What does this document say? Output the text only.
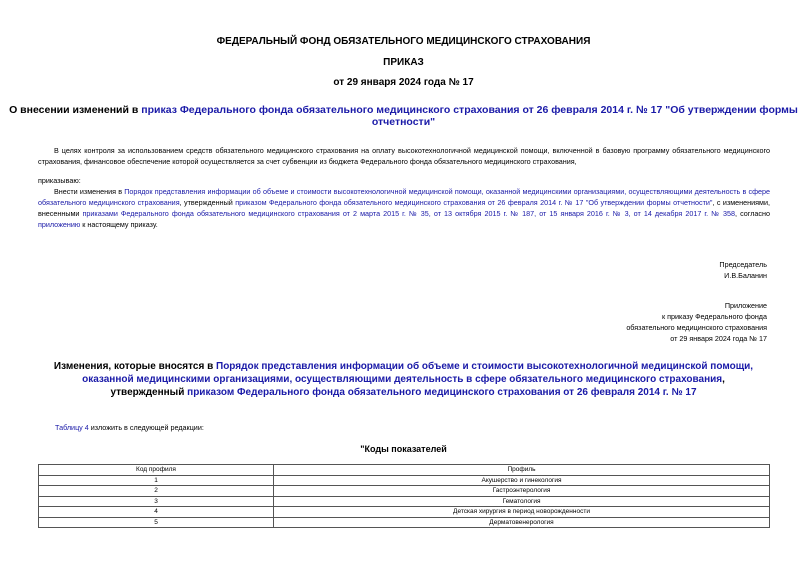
ФЕДЕРАЛЬНЫЙ ФОНД ОБЯЗАТЕЛЬНОГО МЕДИЦИНСКОГО СТРАХОВАНИЯ
ПРИКАЗ
от 29 января 2024 года № 17
О внесении изменений в приказ Федерального фонда обязательного медицинского страхования от 26 февраля 2014 г. № 17 "Об утверждении формы отчетности"
В целях контроля за использованием средств обязательного медицинского страхования на оплату высокотехнологичной медицинской помощи, включенной в базовую программу обязательного медицинского страхования, финансовое обеспечение которой осуществляется за счет субвенции из бюджета Федерального фонда обязательного медицинского страхования,
приказываю:
Внести изменения в Порядок представления информации об объеме и стоимости высокотехнологичной медицинской помощи, оказанной медицинскими организациями, осуществляющими деятельность в сфере обязательного медицинского страхования, утвержденный приказом Федерального фонда обязательного медицинского страхования от 26 февраля 2014 г. № 17 "Об утверждении формы отчетности", с изменениями, внесенными приказами Федерального фонда обязательного медицинского страхования от 2 марта 2015 г. № 35, от 13 октября 2015 г. № 187, от 15 января 2016 г. № 3, от 14 декабря 2017 г. № 358, согласно приложению к настоящему приказу.
Председатель
И.В.Баланин
Приложение
к приказу Федерального фонда
обязательного медицинского страхования
от 29 января 2024 года № 17
Изменения, которые вносятся в Порядок представления информации об объеме и стоимости высокотехнологичной медицинской помощи, оказанной медицинскими организациями, осуществляющими деятельность в сфере обязательного медицинского страхования, утвержденный приказом Федерального фонда обязательного медицинского страхования от 26 февраля 2014 г. № 17
Таблицу 4 изложить в следующей редакции:
"Коды показателей
Код профиля	Профиль
1	Акушерство и гинекология
2	Гастроэнтерология
3	Гематология
4	Детская хирургия в период новорожденности
5	Дерматовенерология
